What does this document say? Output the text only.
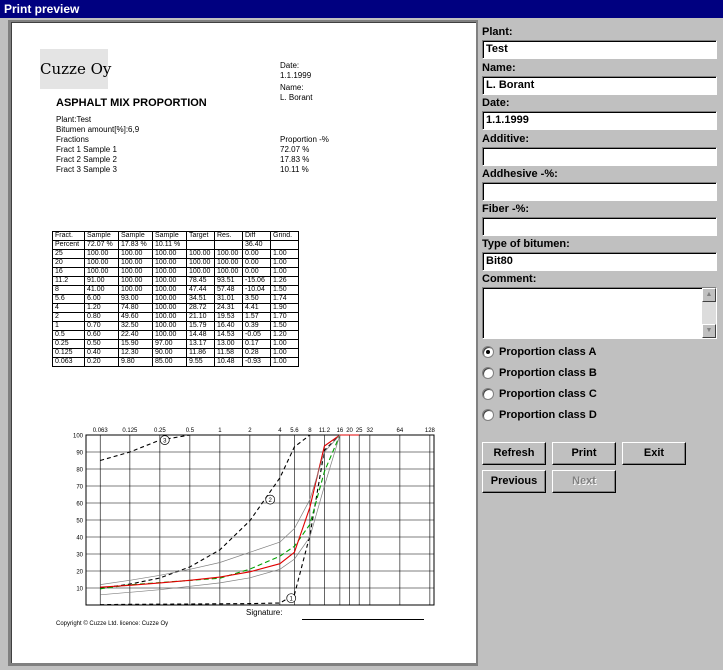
Print preview
Cuzze Oy	Date:
1.1.1999
Name:
L. Borant
ASPHALT MIX PROPORTION
Plant:Test
Bitumen amount[%]:6,9
Fractions	Proportion -%
Fract.	Sample	Sample	Sample	Target	Res.	Diff	Grind.
Percent	72.07 %	17.83 %	10.11 %			36.40	
25	100.00	100.00	100.00	100.00	100.00	0.00	1.00
20	100.00	100.00	100.00	100.00	100.00	0.00	1.00
16	100.00	100.00	100.00	100.00	100.00	0.00	1.00
11.2	91.00	100.00	100.00	78.45	93.51	-15.06	1.26
8	41.00	100.00	100.00	47.44	57.48	-10.04	1.50
5.6	6.00	93.00	100.00	34.51	31.01	3.50	1.74
4	1.20	74.80	100.00	28.72	24.31	4.41	1.90
2	0.80	49.60	100.00	21.10	19.53	1.57	1.70
1	0.70	32.50	100.00	15.79	16.40	0.39	1.50
0.5	0.60	22.40	100.00	14.48	14.53	-0.05	1.20
0.25	0.50	15.90	97.00	13.17	13.00	0.17	1.00
0.125	0.40	12.30	90.00	11.86	11.58	0.28	1.00
0.063	0.20	9.80	85.00	9.55	10.48	-0.93	1.00
100
90
80
70
60
50
40
30
20
10
0.063 0.125	0.25	0.5	1	2	4 5.6 8 11.2 16 20 25 32	64	128
1
2
3
Signature:
Copyright © Cuzze Ltd. licence: Cuzze Oy
Fract 1 Sample 1	72.07 %
Fract 2 Sample 2	17.83 %
Fract 3 Sample 3	10.11 %
Plant:
Test
Name:
L. Borant
Date:
1.1.1999
Additive:
Addhesive -%:
Fiber -%:
Type of bitumen:
Bit80
Comment:
▲
▼
Proportion class A
Proportion class B
Proportion class C
Proportion class D
Refresh	Print	Exit
Previous	Next
